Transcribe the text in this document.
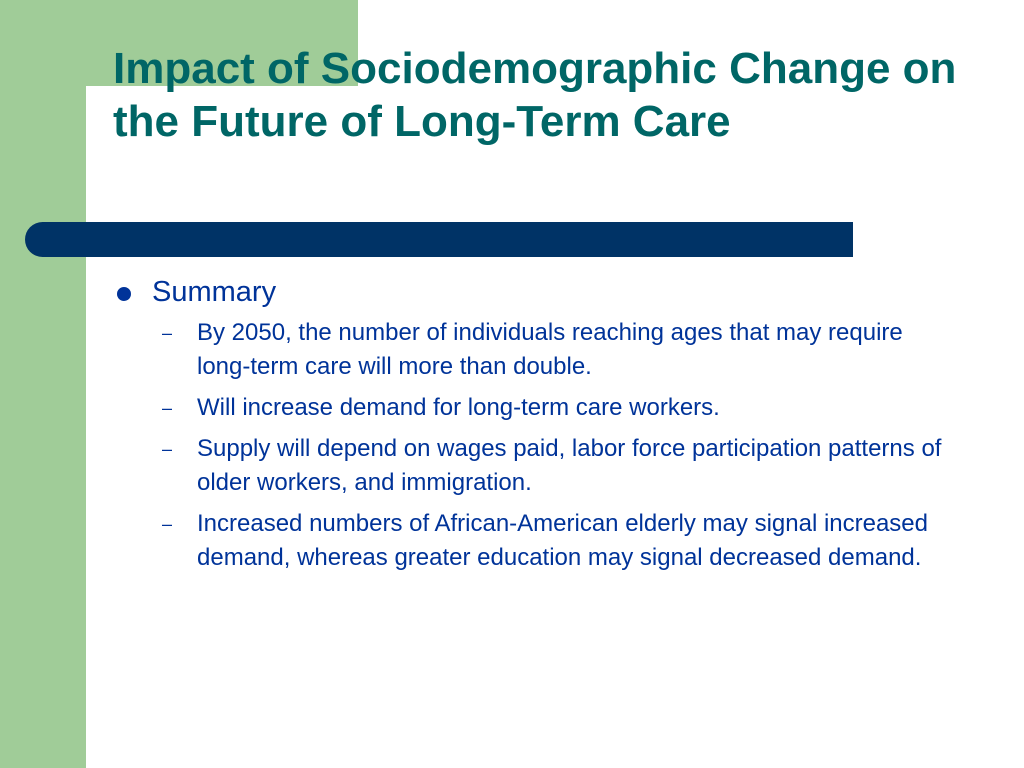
Impact of Sociodemographic Change on the Future of Long-Term Care
Summary
– By 2050, the number of individuals reaching ages that may require long-term care will more than double.
– Will increase demand for long-term care workers.
– Supply will depend on wages paid, labor force participation patterns of older workers, and immigration.
– Increased numbers of African-American elderly may signal increased demand, whereas greater education may signal decreased demand.
